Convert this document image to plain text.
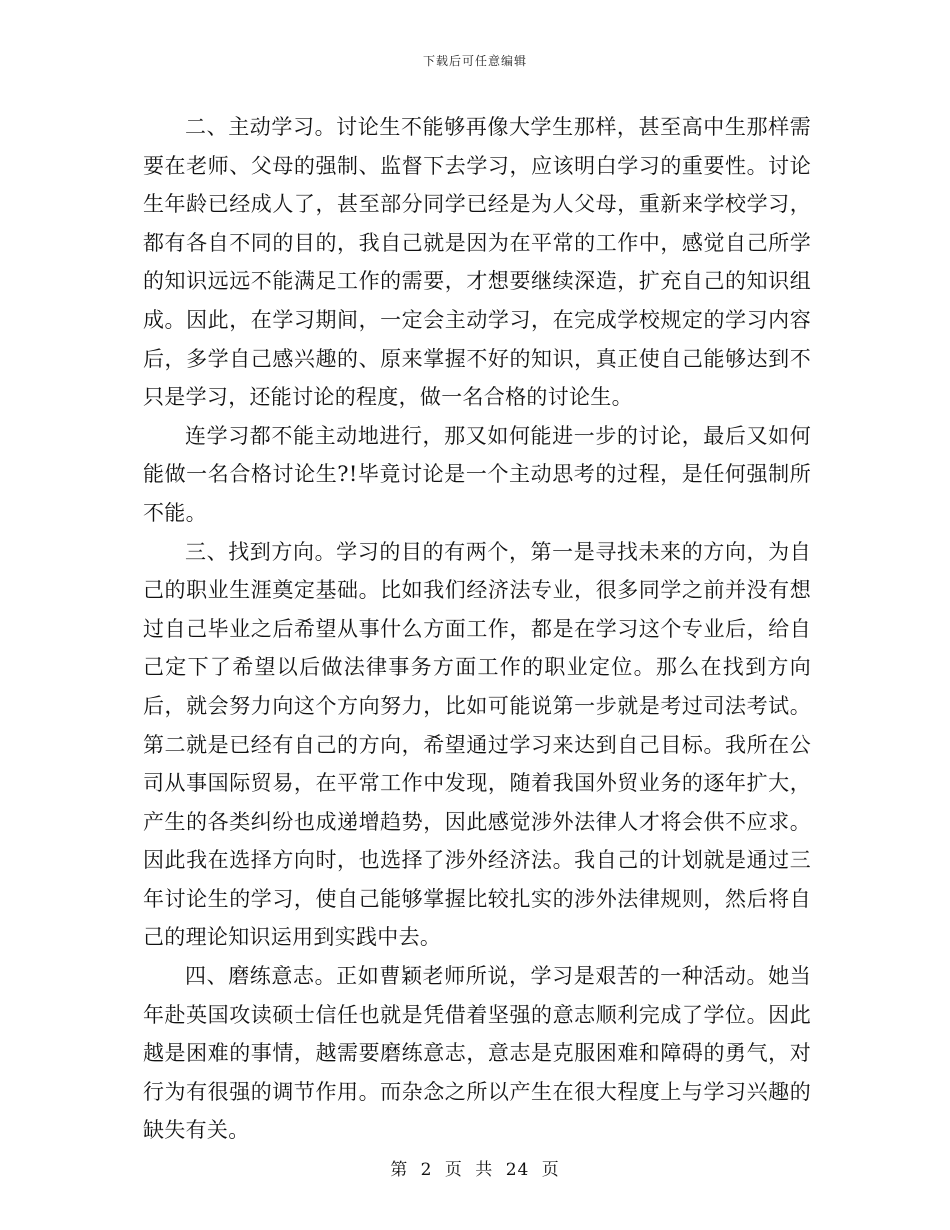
下载后可任意编辑

二、主动学习。讨论生不能够再像大学生那样，甚至高中生那样需要在老师、父母的强制、监督下去学习，应该明白学习的重要性。讨论生年龄已经成人了，甚至部分同学已经是为人父母，重新来学校学习，都有各自不同的目的，我自己就是因为在平常的工作中，感觉自己所学的知识远远不能满足工作的需要，才想要继续深造，扩充自己的知识组成。因此，在学习期间，一定会主动学习，在完成学校规定的学习内容后，多学自己感兴趣的、原来掌握不好的知识，真正使自己能够达到不只是学习，还能讨论的程度，做一名合格的讨论生。

连学习都不能主动地进行，那又如何能进一步的讨论，最后又如何能做一名合格讨论生?!毕竟讨论是一个主动思考的过程，是任何强制所不能。

三、找到方向。学习的目的有两个，第一是寻找未来的方向，为自己的职业生涯奠定基础。比如我们经济法专业，很多同学之前并没有想过自己毕业之后希望从事什么方面工作，都是在学习这个专业后，给自己定下了希望以后做法律事务方面工作的职业定位。那么在找到方向后，就会努力向这个方向努力，比如可能说第一步就是考过司法考试。第二就是已经有自己的方向，希望通过学习来达到自己目标。我所在公司从事国际贸易，在平常工作中发现，随着我国外贸业务的逐年扩大，产生的各类纠纷也成递增趋势，因此感觉涉外法律人才将会供不应求。因此我在选择方向时，也选择了涉外经济法。我自己的计划就是通过三年讨论生的学习，使自己能够掌握比较扎实的涉外法律规则，然后将自己的理论知识运用到实践中去。

四、磨练意志。正如曹颖老师所说，学习是艰苦的一种活动。她当年赴英国攻读硕士信任也就是凭借着坚强的意志顺利完成了学位。因此越是困难的事情，越需要磨练意志，意志是克服困难和障碍的勇气，对行为有很强的调节作用。而杂念之所以产生在很大程度上与学习兴趣的缺失有关。

第 2 页 共 24 页
